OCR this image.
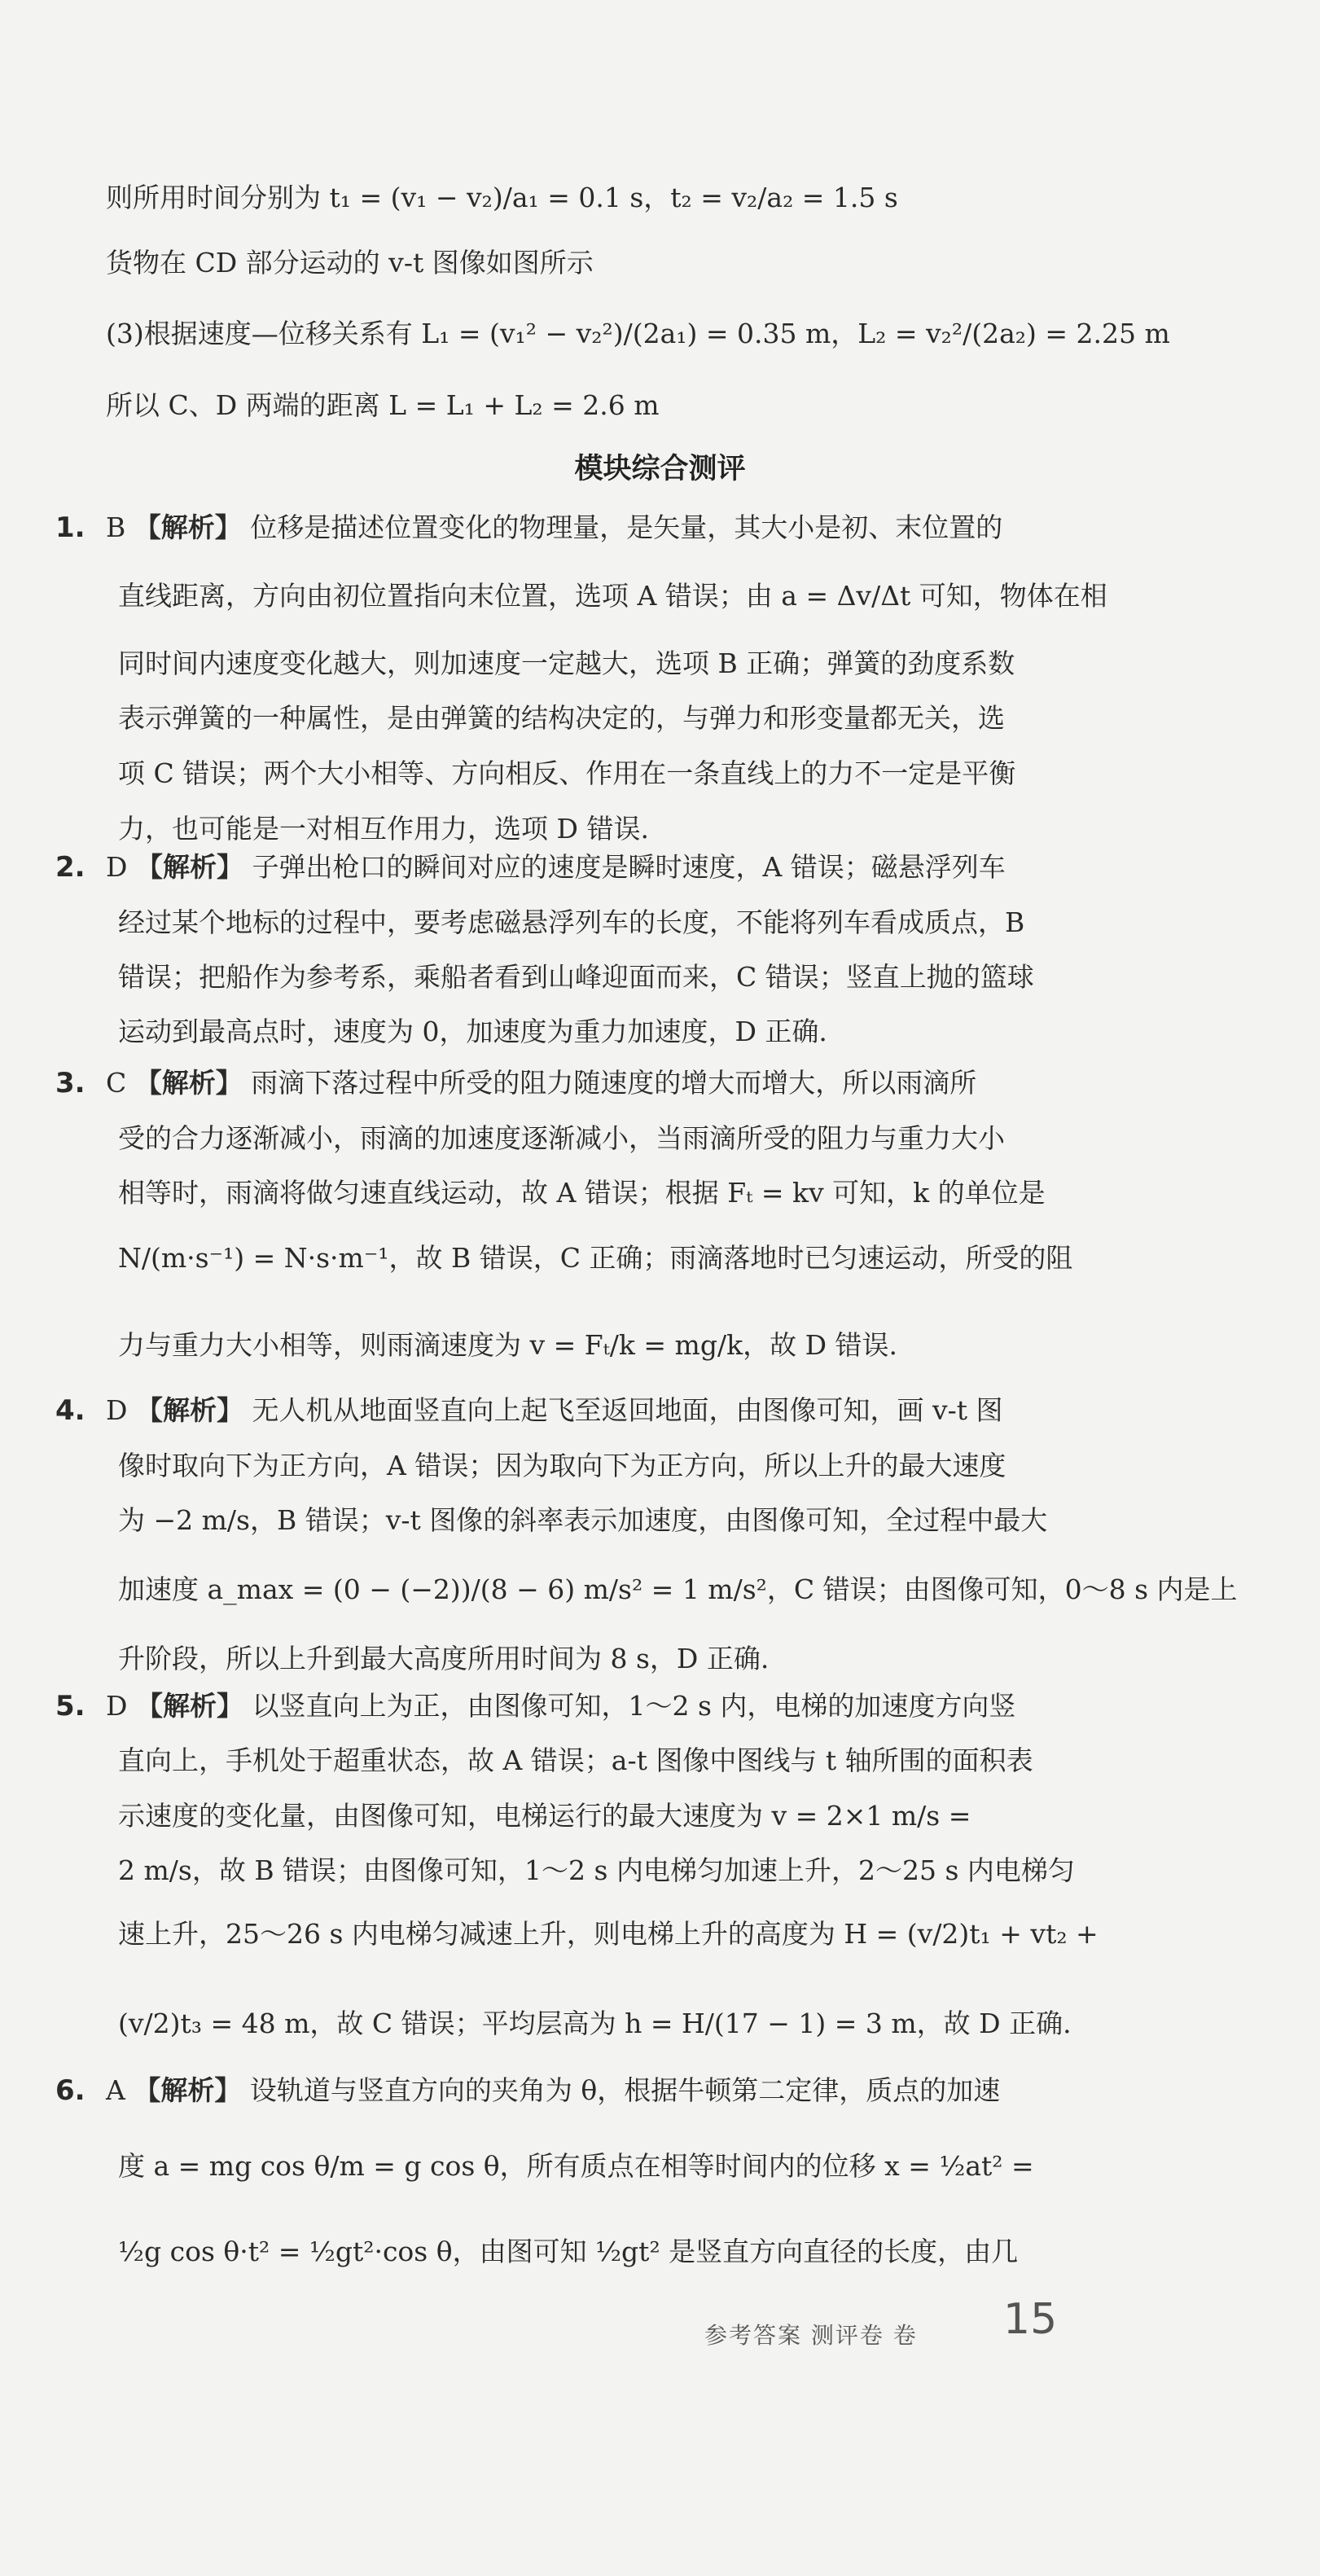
则所用时间分别为 t₁ = (v₁ − v₂)/a₁ = 0.1 s，t₂ = v₂/a₂ = 1.5 s
货物在 CD 部分运动的 v-t 图像如图所示
(3)根据速度—位移关系有 L₁ = (v₁² − v₂²)/(2a₁) = 0.35 m，L₂ = v₂²/(2a₂) = 2.25 m
所以 C、D 两端的距离 L = L₁ + L₂ = 2.6 m
模块综合测评
1. B 【解析】 位移是描述位置变化的物理量，是矢量，其大小是初、末位置的
直线距离，方向由初位置指向末位置，选项 A 错误；由 a = Δv/Δt 可知，物体在相
同时间内速度变化越大，则加速度一定越大，选项 B 正确；弹簧的劲度系数
表示弹簧的一种属性，是由弹簧的结构决定的，与弹力和形变量都无关，选
项 C 错误；两个大小相等、方向相反、作用在一条直线上的力不一定是平衡
力，也可能是一对相互作用力，选项 D 错误.
2. D 【解析】 子弹出枪口的瞬间对应的速度是瞬时速度，A 错误；磁悬浮列车
经过某个地标的过程中，要考虑磁悬浮列车的长度，不能将列车看成质点，B
错误；把船作为参考系，乘船者看到山峰迎面而来，C 错误；竖直上抛的篮球
运动到最高点时，速度为 0，加速度为重力加速度，D 正确.
3. C 【解析】 雨滴下落过程中所受的阻力随速度的增大而增大，所以雨滴所
受的合力逐渐减小，雨滴的加速度逐渐减小，当雨滴所受的阻力与重力大小
相等时，雨滴将做匀速直线运动，故 A 错误；根据 Fₜ = kv 可知，k 的单位是
N/(m·s⁻¹) = N·s·m⁻¹，故 B 错误，C 正确；雨滴落地时已匀速运动，所受的阻
力与重力大小相等，则雨滴速度为 v = Fₜ/k = mg/k，故 D 错误.
4. D 【解析】 无人机从地面竖直向上起飞至返回地面，由图像可知，画 v-t 图
像时取向下为正方向，A 错误；因为取向下为正方向，所以上升的最大速度
为 −2 m/s，B 错误；v-t 图像的斜率表示加速度，由图像可知，全过程中最大
加速度 a_max = (0 − (−2))/(8 − 6) m/s² = 1 m/s²，C 错误；由图像可知，0～8 s 内是上
升阶段，所以上升到最大高度所用时间为 8 s，D 正确.
5. D 【解析】 以竖直向上为正，由图像可知，1～2 s 内，电梯的加速度方向竖
直向上，手机处于超重状态，故 A 错误；a-t 图像中图线与 t 轴所围的面积表
示速度的变化量，由图像可知，电梯运行的最大速度为 v = 2×1 m/s =
2 m/s，故 B 错误；由图像可知，1～2 s 内电梯匀加速上升，2～25 s 内电梯匀
速上升，25～26 s 内电梯匀减速上升，则电梯上升的高度为 H = (v/2)t₁ + vt₂ +
(v/2)t₃ = 48 m，故 C 错误；平均层高为 h = H/(17 − 1) = 3 m，故 D 正确.
6. A 【解析】 设轨道与竖直方向的夹角为 θ，根据牛顿第二定律，质点的加速
度 a = mg cos θ/m = g cos θ，所有质点在相等时间内的位移 x = ½at² =
½g cos θ·t² = ½gt²·cos θ，由图可知 ½gt² 是竖直方向直径的长度，由几
参考答案 测评卷 卷 15
